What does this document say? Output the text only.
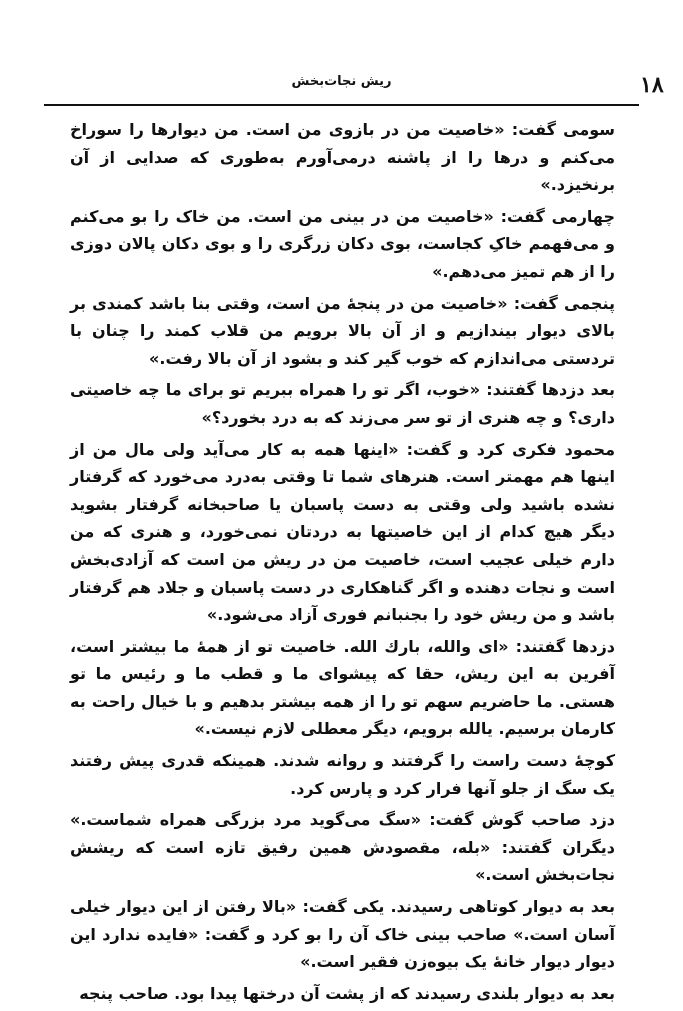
۱۸
ریش نجات‌بخش

سومی گفت: «خاصیت من در بازوی من است. من دیوارها را سوراخ می‌کنم و درها را از پاشنه درمی‌آورم به‌طوری که صدایی از آن برنخیزد.»

چهارمی گفت: «خاصیت من در بینی من است. من خاک را بو می‌کنم و می‌فهمم خاکِ کجاست، بوی دکان زرگری را و بوی دکان پالان دوزی را از هم تمیز می‌دهم.»

پنجمی گفت: «خاصیت من در پنجهٔ من است، وقتی بنا باشد کمندی بر بالای دیوار بیندازیم و از آن بالا برویم من قلاب کمند را چنان با تردستی می‌اندازم که خوب گیر کند و بشود از آن بالا رفت.»

بعد دزدها گفتند: «خوب، اگر تو را همراه ببریم تو برای ما چه خاصیتی داری؟ و چه هنری از تو سر می‌زند که به درد بخورد؟»

محمود فکری کرد و گفت: «اینها همه به کار می‌آید ولی مال من از اینها هم مهمتر است. هنرهای شما تا وقتی به‌درد می‌خورد که گرفتار نشده باشید ولی وقتی به دست پاسبان یا صاحبخانه گرفتار بشوید دیگر هیچ کدام از این خاصیتها به دردتان نمی‌خورد، و هنری که من دارم خیلی عجیب است، خاصیت من در ریش من است که آزادی‌بخش است و نجات دهنده و اگر گناهکاری در دست پاسبان و جلاد هم گرفتار باشد و من ریش خود را بجنبانم فوری آزاد می‌شود.»

دزدها گفتند: «ای والله، بارك الله. خاصیت تو از همهٔ ما بیشتر است، آفرین به این ریش، حقا که پیشوای ما و قطب ما و رئیس ما تو هستی. ما حاضریم سهم تو را از همه بیشتر بدهیم و با خیال راحت به کارمان برسیم. یالله برویم، دیگر معطلی لازم نیست.»

کوچهٔ دست راست را گرفتند و روانه شدند. همینکه قدری پیش رفتند یک سگ از جلو آنها فرار کرد و پارس کرد.

دزد صاحب گوش گفت: «سگ می‌گوید مرد بزرگی همراه شماست.» دیگران گفتند: «بله، مقصودش همین رفیق تازه است که ریشش نجات‌بخش است.»

بعد به دیوار کوتاهی رسیدند. یکی گفت: «بالا رفتن از این دیوار خیلی آسان است.» صاحب بینی خاک آن را بو کرد و گفت: «فایده ندارد این دیوار دیوار خانهٔ یک بیوه‌زن فقیر است.»

بعد به دیوار بلندی رسیدند که از پشت آن درختها پیدا بود. صاحب پنجه
